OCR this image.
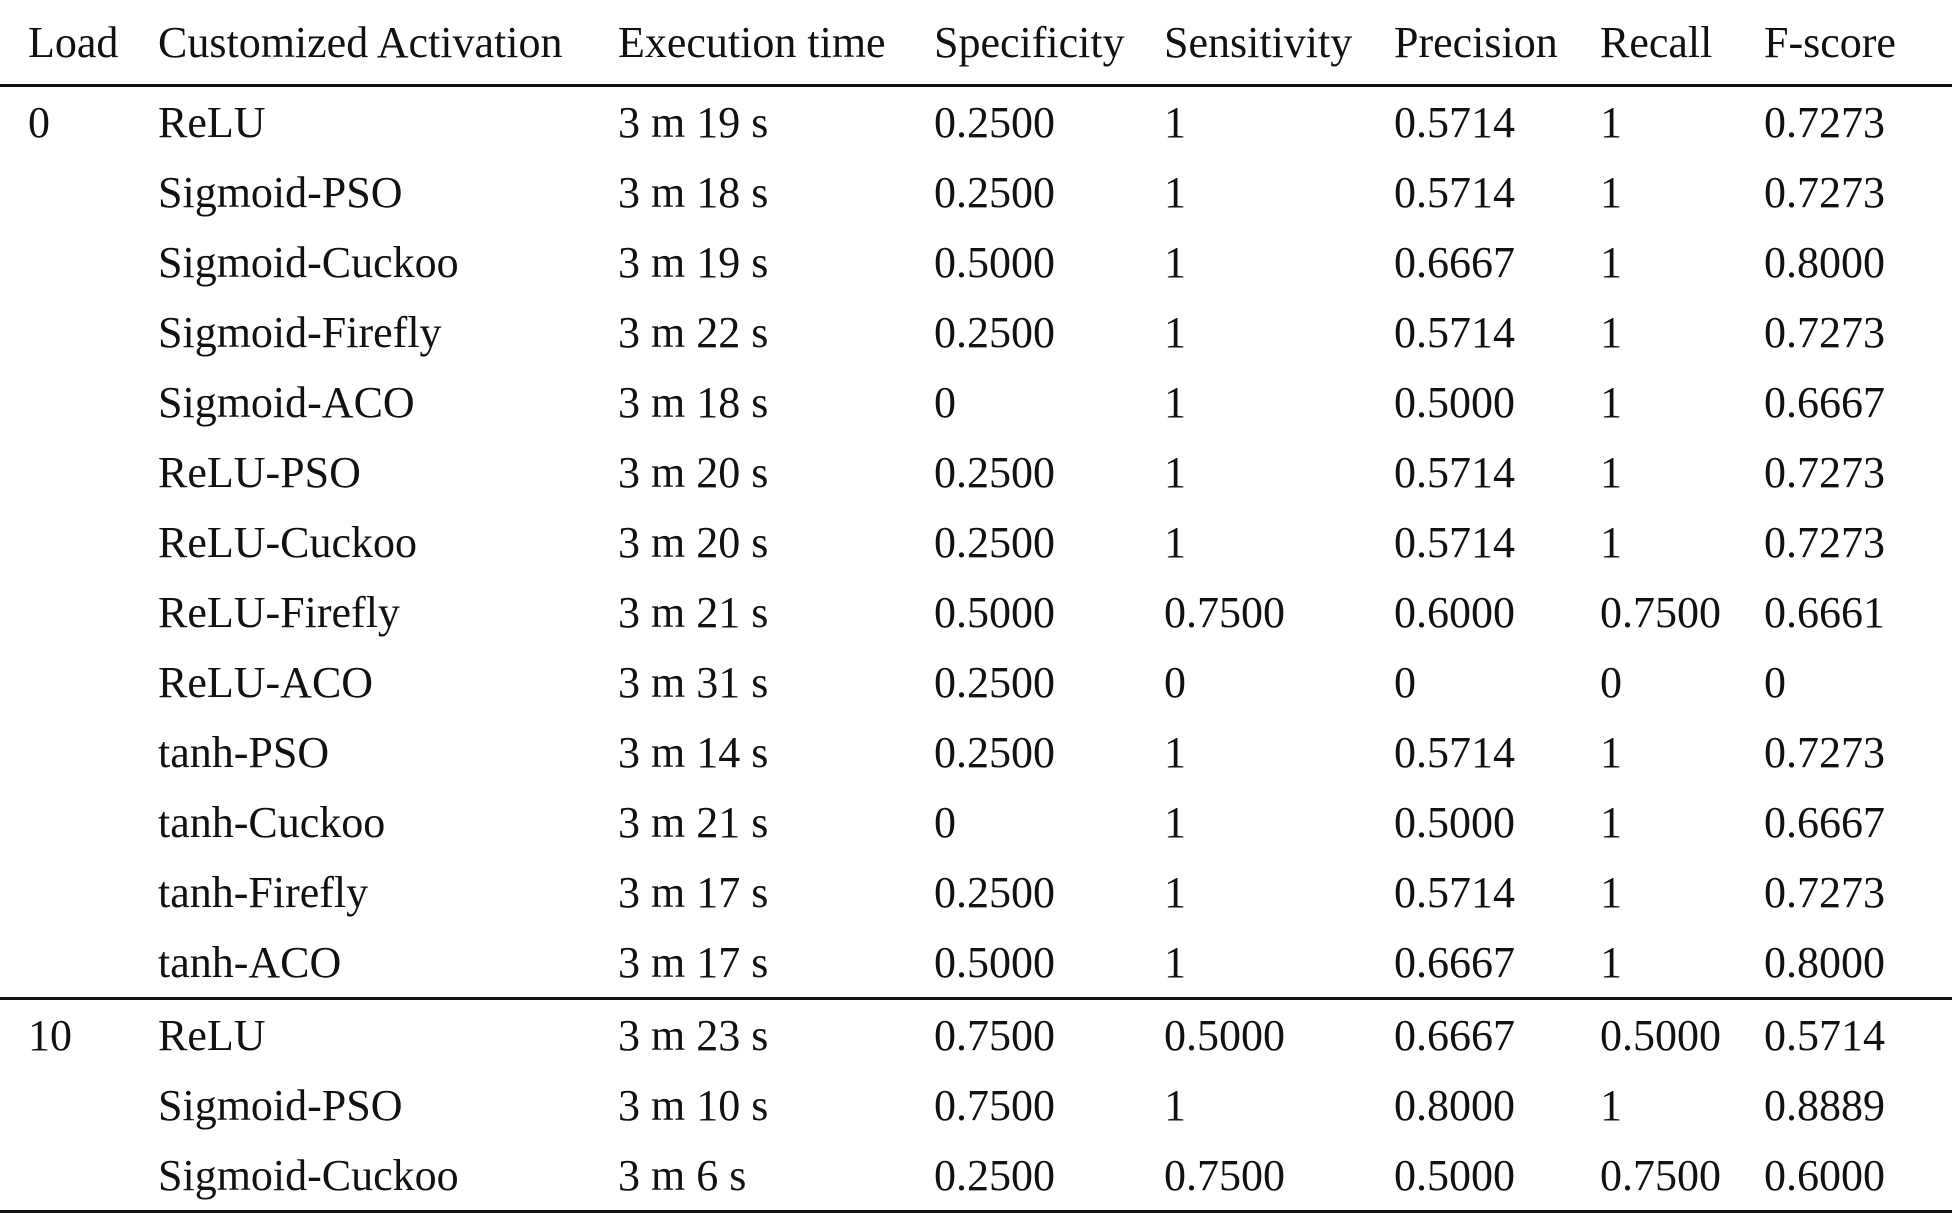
Load	Customized Activation	Execution time	Specificity	Sensitivity	Precision	Recall	F-score
0	ReLU	3 m 19 s	0.2500	1	0.5714	1	0.7273
	Sigmoid-PSO	3 m 18 s	0.2500	1	0.5714	1	0.7273
	Sigmoid-Cuckoo	3 m 19 s	0.5000	1	0.6667	1	0.8000
	Sigmoid-Firefly	3 m 22 s	0.2500	1	0.5714	1	0.7273
	Sigmoid-ACO	3 m 18 s	0	1	0.5000	1	0.6667
	ReLU-PSO	3 m 20 s	0.2500	1	0.5714	1	0.7273
	ReLU-Cuckoo	3 m 20 s	0.2500	1	0.5714	1	0.7273
	ReLU-Firefly	3 m 21 s	0.5000	0.7500	0.6000	0.7500	0.6661
	ReLU-ACO	3 m 31 s	0.2500	0	0	0	0
	tanh-PSO	3 m 14 s	0.2500	1	0.5714	1	0.7273
	tanh-Cuckoo	3 m 21 s	0	1	0.5000	1	0.6667
	tanh-Firefly	3 m 17 s	0.2500	1	0.5714	1	0.7273
	tanh-ACO	3 m 17 s	0.5000	1	0.6667	1	0.8000
10	ReLU	3 m 23 s	0.7500	0.5000	0.6667	0.5000	0.5714
	Sigmoid-PSO	3 m 10 s	0.7500	1	0.8000	1	0.8889
	Sigmoid-Cuckoo	3 m 6 s	0.2500	0.7500	0.5000	0.7500	0.6000
